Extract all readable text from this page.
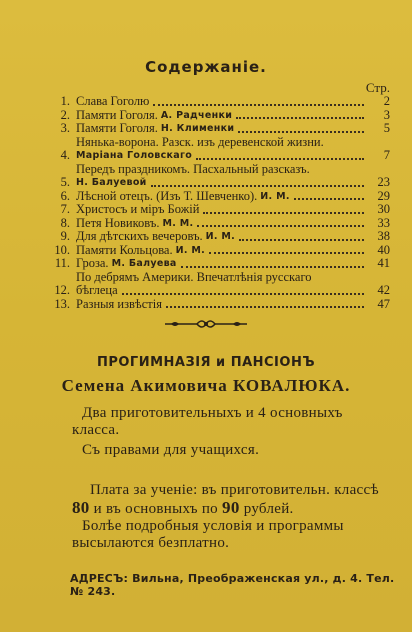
Содержаніе.
Стр.
1. Слава Гоголю	2
2. Памяти Гоголя. А. Радченки	3
3. Памяти Гоголя. Н. Клименки	5
4.
Нянька-ворона. Разск. изъ деревенской жизни.
Маріана Головскаго	7
5.
Передъ праздникомъ. Пасхальный разсказъ.
Н. Балуевой	23
6. Лѣсной отецъ. (Изъ Т. Шевченко). И. М.	29
7. Христосъ и міръ Божій	30
8. Петя Новиковъ. М. М.	33
9. Для дѣтскихъ вечеровъ. И. М.	38
10. Памяти Кольцова. И. М.	40
11. Гроза. М. Балуева	41
12.
По дебрямъ Америки. Впечатлѣнія русскаго
бѣглеца	42
13. Разныя извѣстія	47
ПРОГИМНАЗІЯ и ПАНСІОНЪ
Семена Акимовича КОВАЛЮКА.
Два приготовительныхъ и 4 основныхъ класса.
Съ правами для учащихся.
Плата за ученіе: въ приготовительн. классѣ 80 и въ основныхъ по 90 рублей.
Болѣе подробныя условія и программы высылаются безплатно.
АДРЕСЪ: Вильна, Преображенская ул., д. 4. Тел. № 243.
